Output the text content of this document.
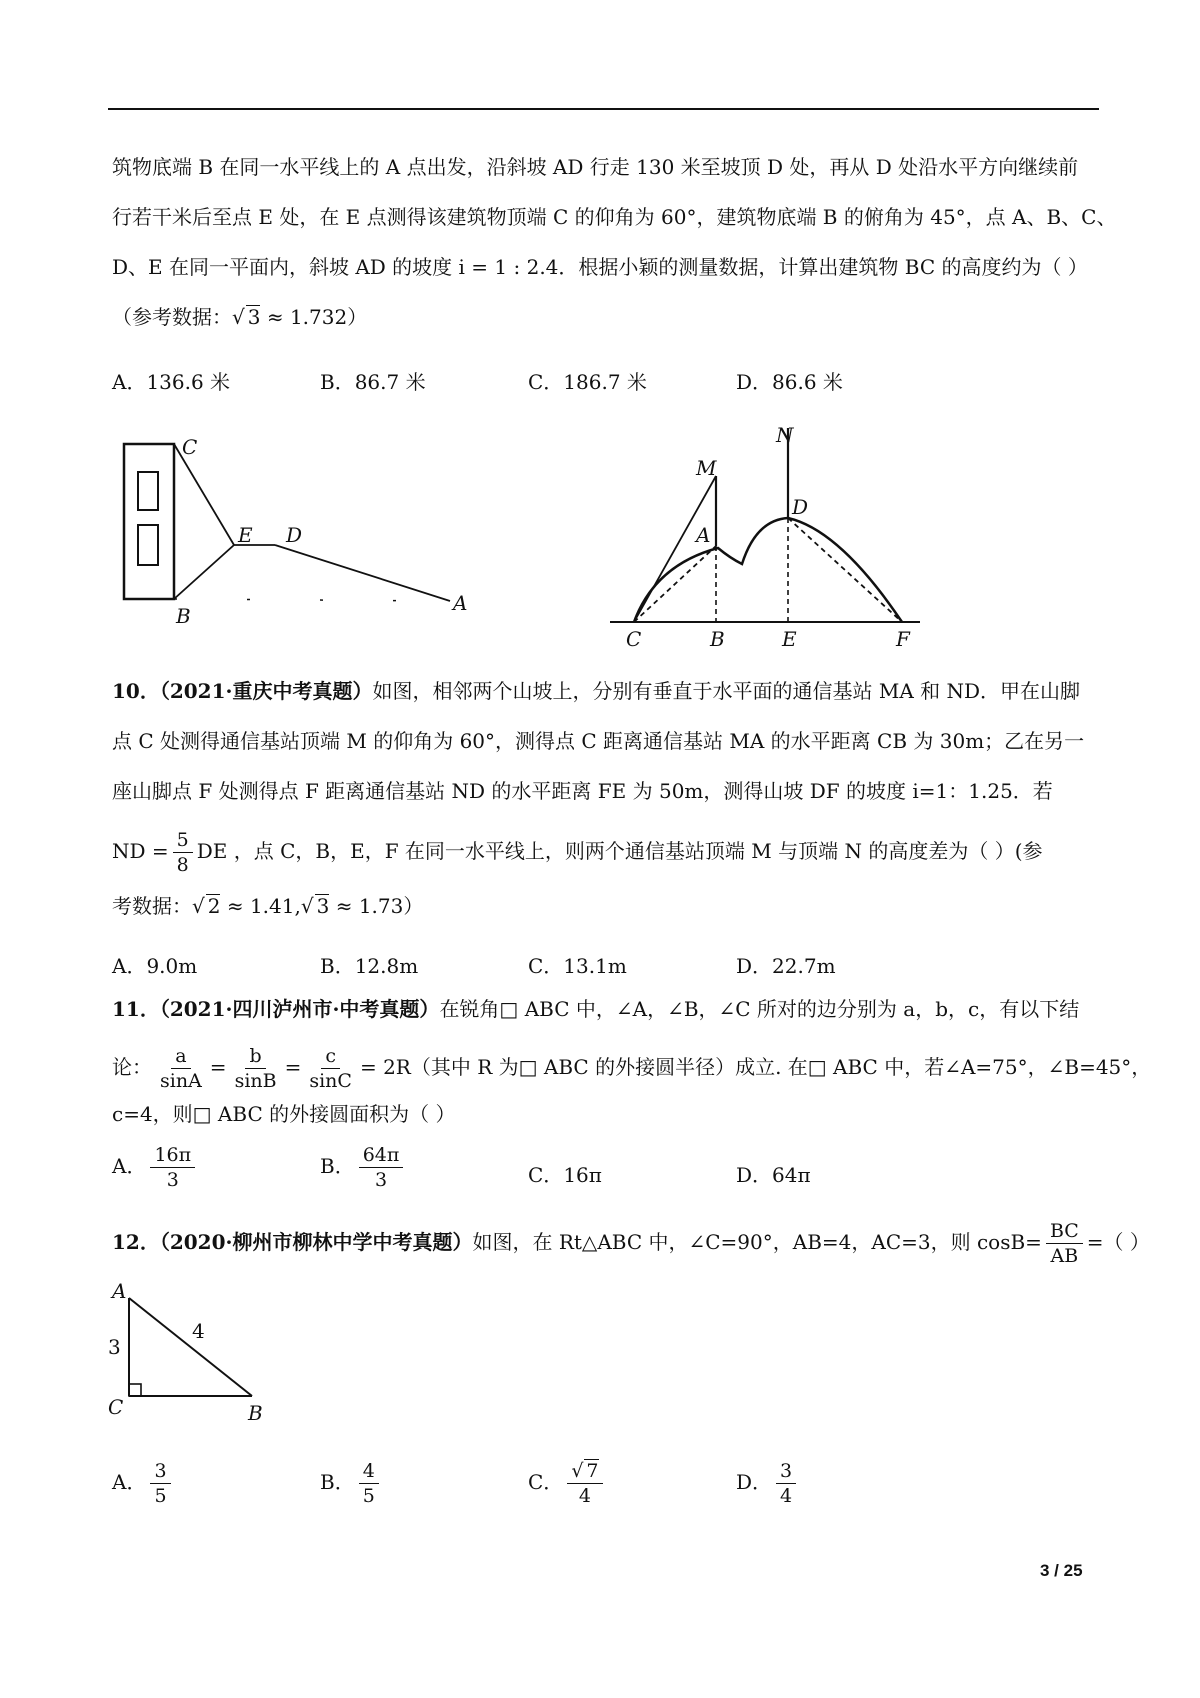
筑物底端 B 在同一水平线上的 A 点出发，沿斜坡 AD 行走 130 米至坡顶 D 处，再从 D 处沿水平方向继续前
行若干米后至点 E 处，在 E 点测得该建筑物顶端 C 的仰角为 60°，建筑物底端 B 的俯角为 45°，点 A、B、C、
D、E 在同一平面内，斜坡 AD 的坡度 i = 1 : 2.4．根据小颖的测量数据，计算出建筑物 BC 的高度约为（ ）
（参考数据：√ 3 ≈ 1.732）
A．136.6 米	B．86.7 米	C．186.7 米	D．86.6 米
C
E D
B
A
N
M
A
D
C	B	E	F
10．（2021·重庆中考真题）如图，相邻两个山坡上，分别有垂直于水平面的通信基站 MA 和 ND．甲在山脚
点 C 处测得通信基站顶端 M 的仰角为 60°，测得点 C 距离通信基站 MA 的水平距离 CB 为 30m；乙在另一
座山脚点 F 处测得点 F 距离通信基站 ND 的水平距离 FE 为 50m，测得山坡 DF 的坡度 i=1：1.25．若
ND = $\frac{5}{8}$ DE ，点 C，B，E，F 在同一水平线上，则两个通信基站顶端 M 与顶端 N 的高度差为（ ）(参
考数据：√ 2 ≈ 1.41,√ 3 ≈ 1.73）
A．9.0m	B．12.8m	C．13.1m	D．22.7m
11．（2021·四川泸州市·中考真题）在锐角□ ABC 中，∠A，∠B，∠C 所对的边分别为 a，b，c，有以下结
论： $\frac{a}{\sin A} = \frac{b}{\sin B} = \frac{c}{\sin C} = 2R$（其中 R 为□ ABC 的外接圆半径）成立. 在□ ABC 中，若∠A=75°，∠B=45°，
c=4，则□ ABC 的外接圆面积为（ ）
A． $\frac{16\pi}{3}$	B． $\frac{64\pi}{3}$	C．16π	D．64π
12．（2020·柳州市柳林中学中考真题）如图，在 Rt△ABC 中，∠C=90°，AB=4，AC=3，则 $\cos B= \frac{BC}{AB}$ =（ ）
A
C	B
3
4
A． $\frac{3}{5}$	B． $\frac{4}{5}$	C． $\frac{√ 7}{4}$	D． $\frac{3}{4}$
3 / 25
